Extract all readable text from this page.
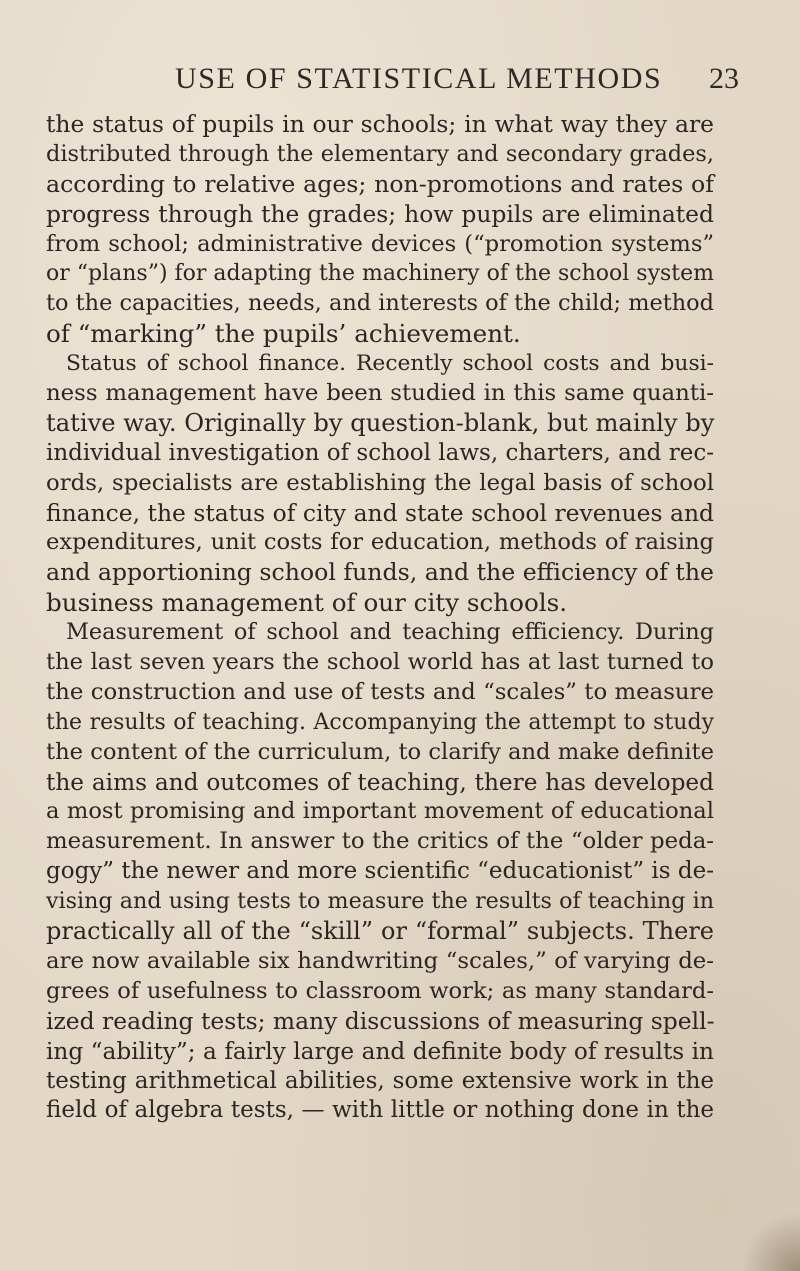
USE OF STATISTICAL METHODS 23
the status of pupils in our schools; in what way they are
distributed through the elementary and secondary grades,
according to relative ages; non-promotions and rates of
progress through the grades; how pupils are eliminated
from school; administrative devices (“promotion systems”
or “plans”) for adapting the machinery of the school system
to the capacities, needs, and interests of the child; method
of “marking” the pupils’ achievement.
Status of school finance. Recently school costs and busi-
ness management have been studied in this same quanti-
tative way. Originally by question-blank, but mainly by
individual investigation of school laws, charters, and rec-
ords, specialists are establishing the legal basis of school
finance, the status of city and state school revenues and
expenditures, unit costs for education, methods of raising
and apportioning school funds, and the efficiency of the
business management of our city schools.
Measurement of school and teaching efficiency. During
the last seven years the school world has at last turned to
the construction and use of tests and “scales” to measure
the results of teaching. Accompanying the attempt to study
the content of the curriculum, to clarify and make definite
the aims and outcomes of teaching, there has developed
a most promising and important movement of educational
measurement. In answer to the critics of the “older peda-
gogy” the newer and more scientific “educationist” is de-
vising and using tests to measure the results of teaching in
practically all of the “skill” or “formal” subjects. There
are now available six handwriting “scales,” of varying de-
grees of usefulness to classroom work; as many standard-
ized reading tests; many discussions of measuring spell-
ing “ability”; a fairly large and definite body of results in
testing arithmetical abilities, some extensive work in the
field of algebra tests, — with little or nothing done in the
